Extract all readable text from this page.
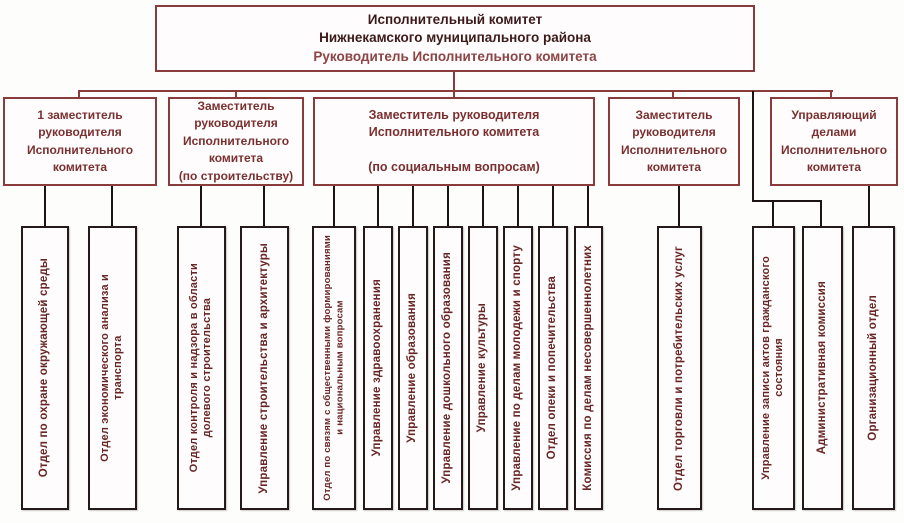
Исполнительный комитет
Нижнекамского муниципального района
Руководитель Исполнительного комитета
1 заместитель
руководителя
Исполнительного
комитета
Заместитель
руководителя
Исполнительного
комитета
(по строительству)
Заместитель руководителя
Исполнительного комитета
(по социальным вопросам)
Заместитель
руководителя
Исполнительного
комитета
Управляющий
делами
Исполнительного
комитета
Отдел по охране окружающей среды	Отдел экономического анализа и транспорта	Отдел контроля и надзора в области долевого строительства	Управление строительства и архитектуры	Отдел по связям с общественными формированиями и национальным вопросам Управление здравоохранения Управление образования Управление дошкольного образования Управление культуры Управление по делам молодежи и спорту Отдел опеки и попечительства Комиссия по делам несовершеннолетних	Отдел торговли и потребительских услуг	Управление записи актов гражданского состояния	Административная комиссия	Организационный отдел
